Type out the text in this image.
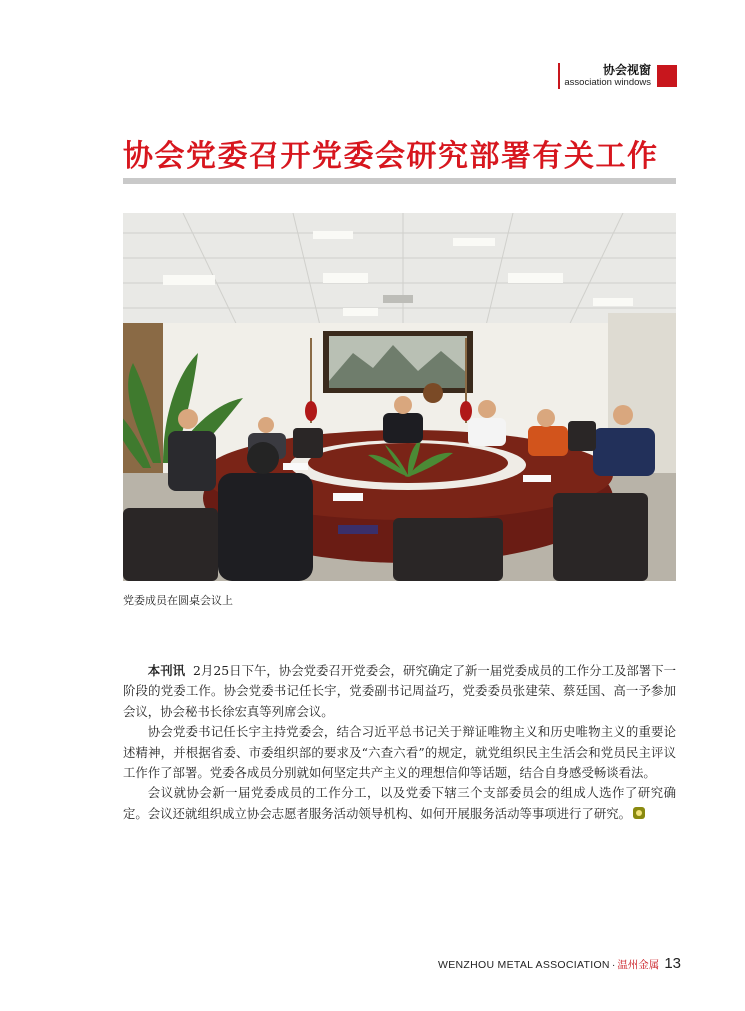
协会视窗
association windows
协会党委召开党委会研究部署有关工作
党委成员在圆桌会议上

本刊讯 2月25日下午，协会党委召开党委会，研究确定了新一届党委成员的工作分工及部署下一阶段的党委工作。协会党委书记任长宇，党委副书记周益巧，党委委员张建荣、蔡廷国、高一予参加会议，协会秘书长徐宏真等列席会议。

协会党委书记任长宇主持党委会，结合习近平总书记关于辩证唯物主义和历史唯物主义的重要论述精神，并根据省委、市委组织部的要求及“六查六看”的规定，就党组织民主生活会和党员民主评议工作作了部署。党委各成员分别就如何坚定共产主义的理想信仰等话题，结合自身感受畅谈看法。

会议就协会新一届党委成员的工作分工，以及党委下辖三个支部委员会的组成人选作了研究确定。会议还就组织成立协会志愿者服务活动领导机构、如何开展服务活动等事项进行了研究。

WENZHOU METAL ASSOCIATION · 温州金属 13
